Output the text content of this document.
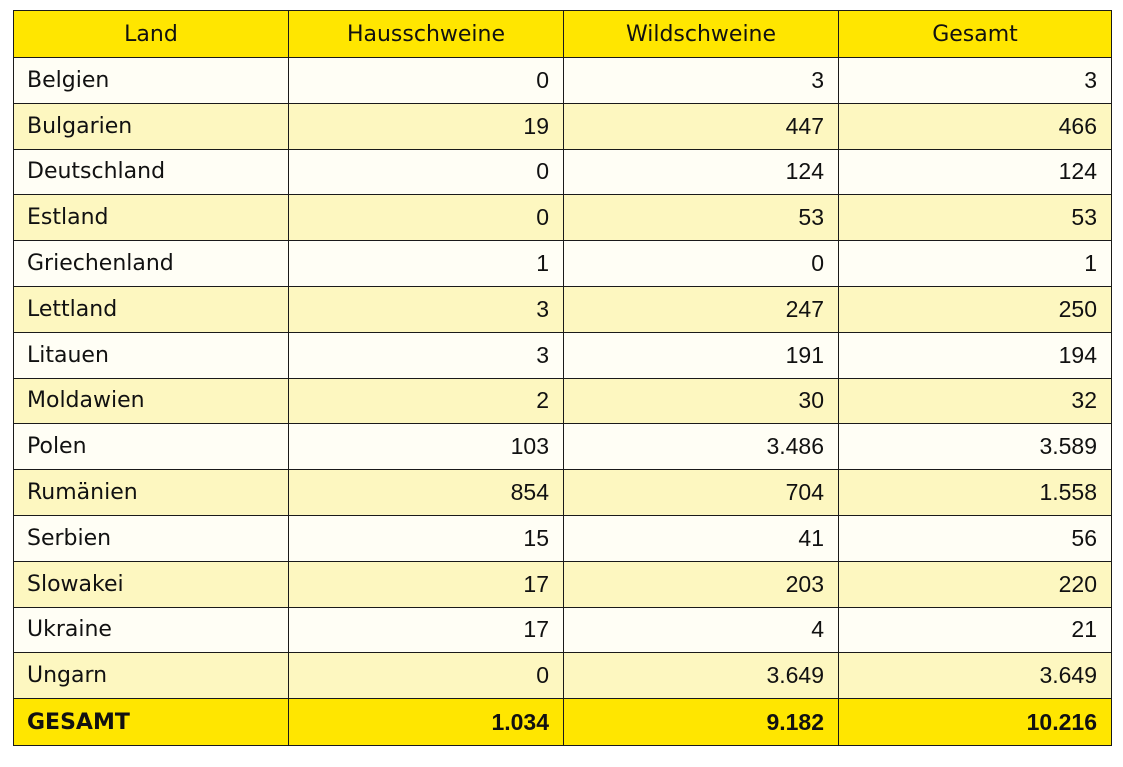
Land	Hausschweine	Wildschweine	Gesamt
Belgien	0	3	3
Bulgarien	19	447	466
Deutschland	0	124	124
Estland	0	53	53
Griechenland	1	0	1
Lettland	3	247	250
Litauen	3	191	194
Moldawien	2	30	32
Polen	103	3.486	3.589
Rumänien	854	704	1.558
Serbien	15	41	56
Slowakei	17	203	220
Ukraine	17	4	21
Ungarn	0	3.649	3.649
GESAMT	1.034	9.182	10.216
